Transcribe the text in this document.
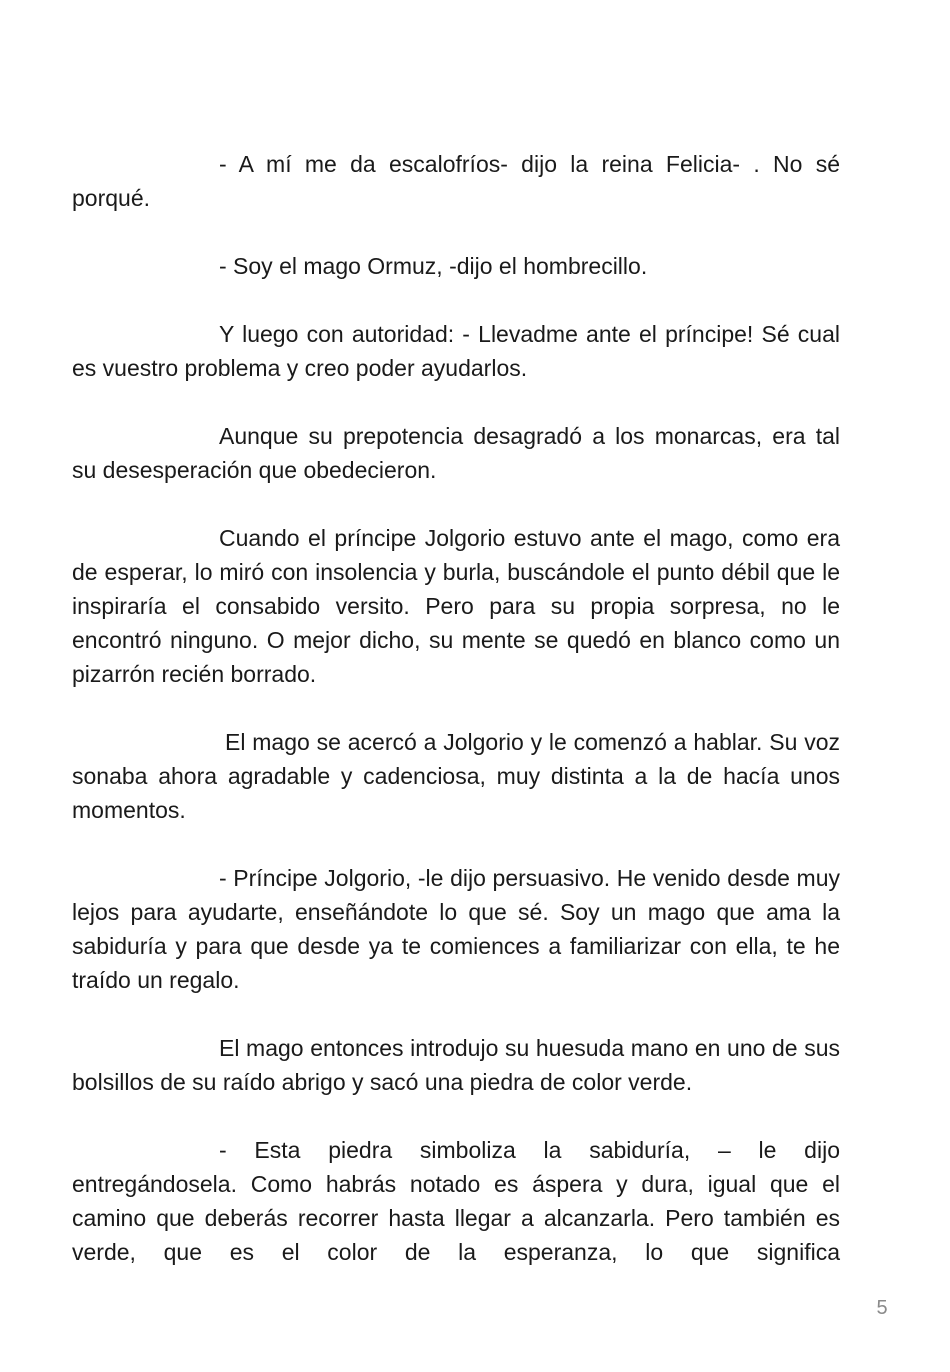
- A mí me da escalofríos- dijo la reina Felicia- . No sé porqué.

- Soy el mago Ormuz, -dijo el hombrecillo.

Y luego con autoridad: - Llevadme ante el príncipe! Sé cual es vuestro problema y creo poder ayudarlos.

Aunque su prepotencia desagradó a los monarcas, era tal su desesperación que obedecieron.

Cuando el príncipe Jolgorio estuvo ante el mago, como era de esperar, lo miró con insolencia y burla, buscándole el punto débil que le inspiraría el consabido versito. Pero para su propia sorpresa, no le encontró ninguno. O mejor dicho, su mente se quedó en blanco como un pizarrón recién borrado.

El mago se acercó a Jolgorio y le comenzó a hablar. Su voz sonaba ahora agradable y cadenciosa, muy distinta a la de hacía unos momentos.

- Príncipe Jolgorio, -le dijo persuasivo. He venido desde muy lejos para ayudarte, enseñándote lo que sé. Soy un mago que ama la sabiduría y para que desde ya te comiences a familiarizar con ella, te he traído un regalo.

El mago entonces introdujo su huesuda mano en uno de sus bolsillos de su raído abrigo y sacó una piedra de color verde.

- Esta piedra simboliza la sabiduría, – le dijo entregándosela. Como habrás notado es áspera y dura, igual que el camino que deberás recorrer hasta llegar a alcanzarla. Pero también es verde, que es el color de la esperanza, lo que significa

5
